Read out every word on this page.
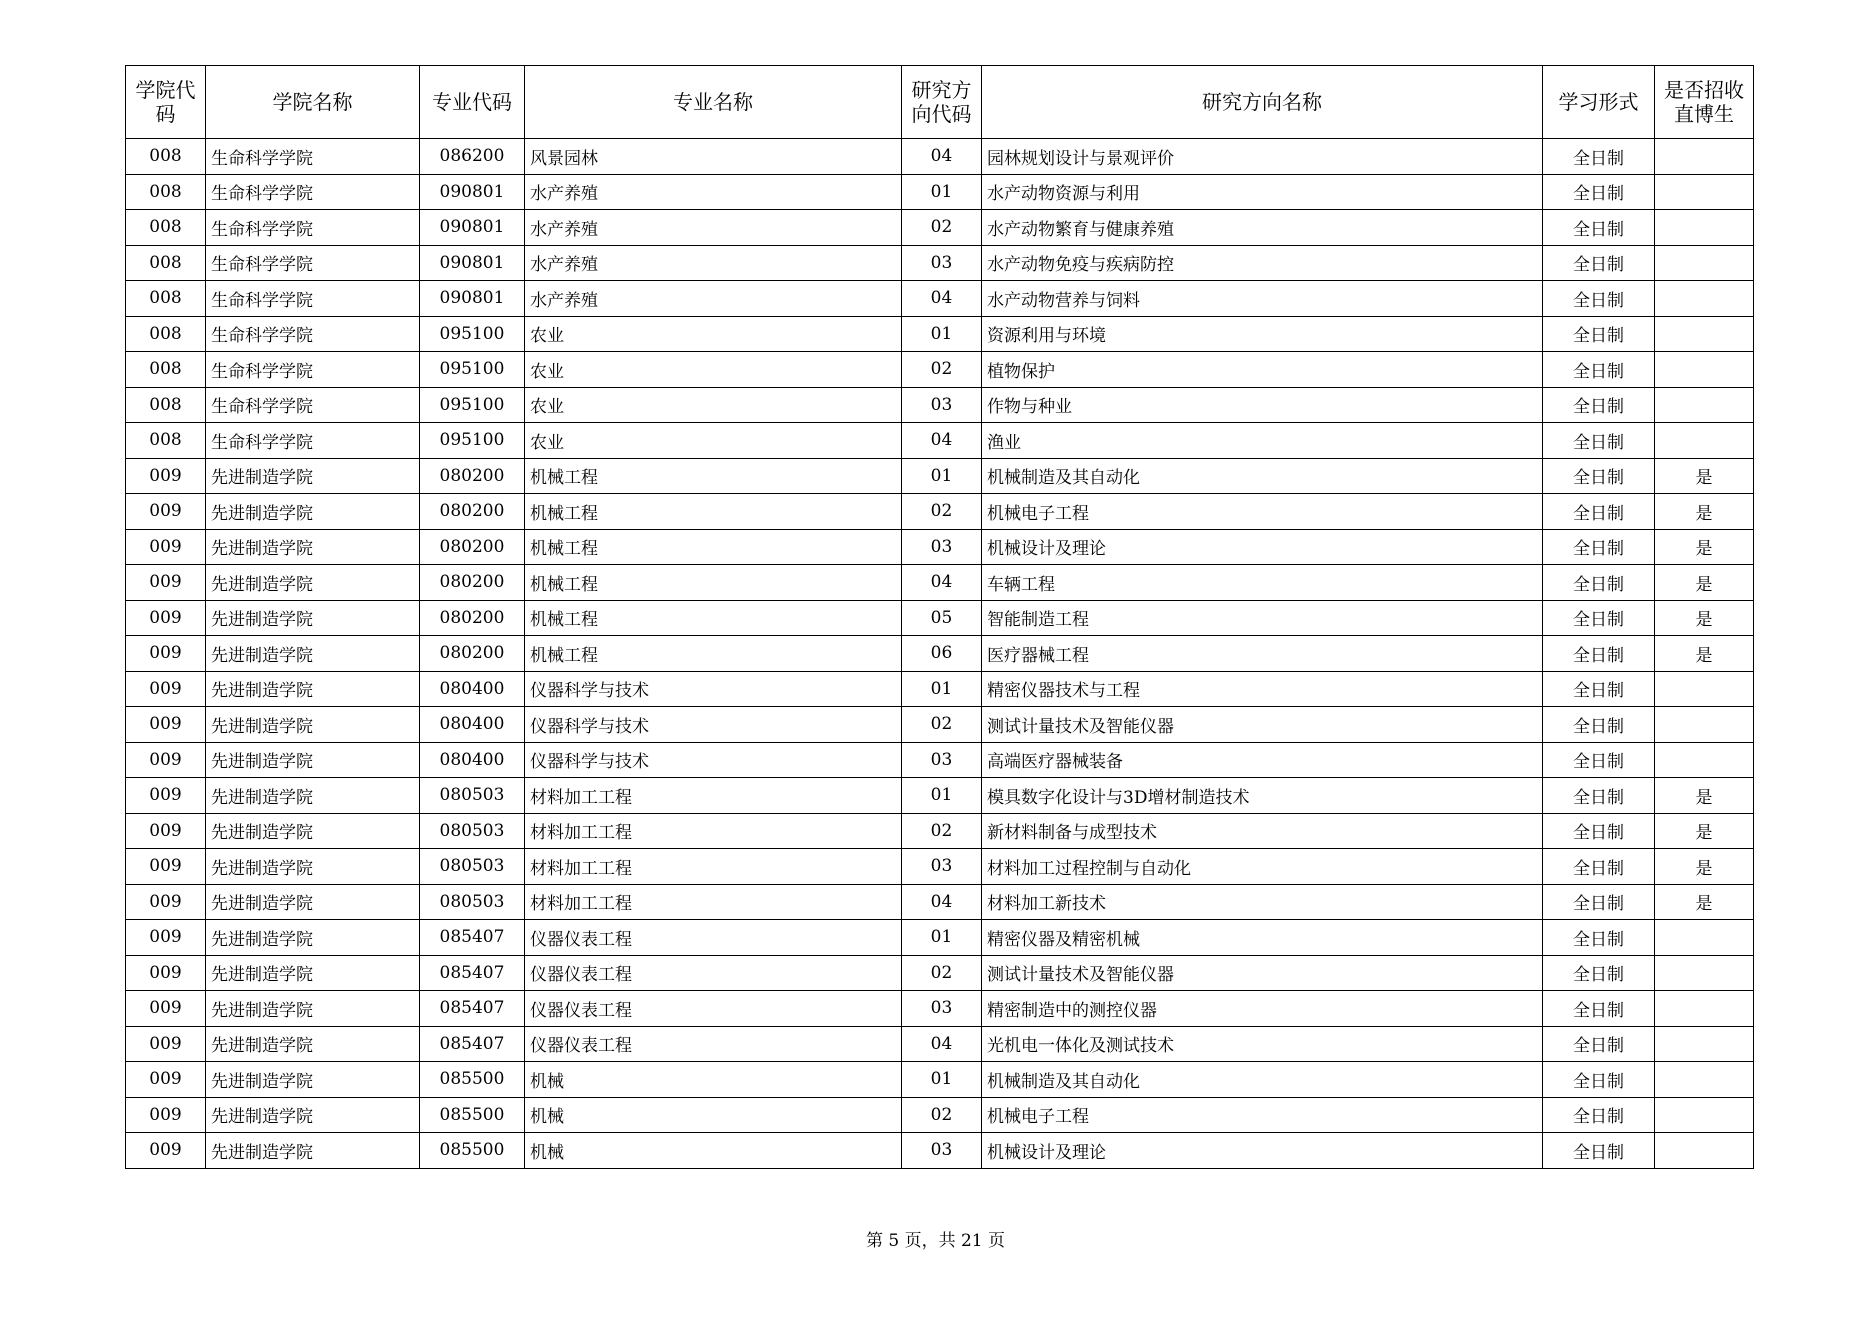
学院代码	学院名称	专业代码	专业名称	研究方向代码	研究方向名称	学习形式	是否招收直博生
008	生命科学学院	086200	风景园林	04	园林规划设计与景观评价	全日制	
008	生命科学学院	090801	水产养殖	01	水产动物资源与利用	全日制	
008	生命科学学院	090801	水产养殖	02	水产动物繁育与健康养殖	全日制	
008	生命科学学院	090801	水产养殖	03	水产动物免疫与疾病防控	全日制	
008	生命科学学院	090801	水产养殖	04	水产动物营养与饲料	全日制	
008	生命科学学院	095100	农业	01	资源利用与环境	全日制	
008	生命科学学院	095100	农业	02	植物保护	全日制	
008	生命科学学院	095100	农业	03	作物与种业	全日制	
008	生命科学学院	095100	农业	04	渔业	全日制	
009	先进制造学院	080200	机械工程	01	机械制造及其自动化	全日制	是
009	先进制造学院	080200	机械工程	02	机械电子工程	全日制	是
009	先进制造学院	080200	机械工程	03	机械设计及理论	全日制	是
009	先进制造学院	080200	机械工程	04	车辆工程	全日制	是
009	先进制造学院	080200	机械工程	05	智能制造工程	全日制	是
009	先进制造学院	080200	机械工程	06	医疗器械工程	全日制	是
009	先进制造学院	080400	仪器科学与技术	01	精密仪器技术与工程	全日制	
009	先进制造学院	080400	仪器科学与技术	02	测试计量技术及智能仪器	全日制	
009	先进制造学院	080400	仪器科学与技术	03	高端医疗器械装备	全日制	
009	先进制造学院	080503	材料加工工程	01	模具数字化设计与3D增材制造技术	全日制	是
009	先进制造学院	080503	材料加工工程	02	新材料制备与成型技术	全日制	是
009	先进制造学院	080503	材料加工工程	03	材料加工过程控制与自动化	全日制	是
009	先进制造学院	080503	材料加工工程	04	材料加工新技术	全日制	是
009	先进制造学院	085407	仪器仪表工程	01	精密仪器及精密机械	全日制	
009	先进制造学院	085407	仪器仪表工程	02	测试计量技术及智能仪器	全日制	
009	先进制造学院	085407	仪器仪表工程	03	精密制造中的测控仪器	全日制	
009	先进制造学院	085407	仪器仪表工程	04	光机电一体化及测试技术	全日制	
009	先进制造学院	085500	机械	01	机械制造及其自动化	全日制	
009	先进制造学院	085500	机械	02	机械电子工程	全日制	
009	先进制造学院	085500	机械	03	机械设计及理论	全日制	
第 5 页，共 21 页
